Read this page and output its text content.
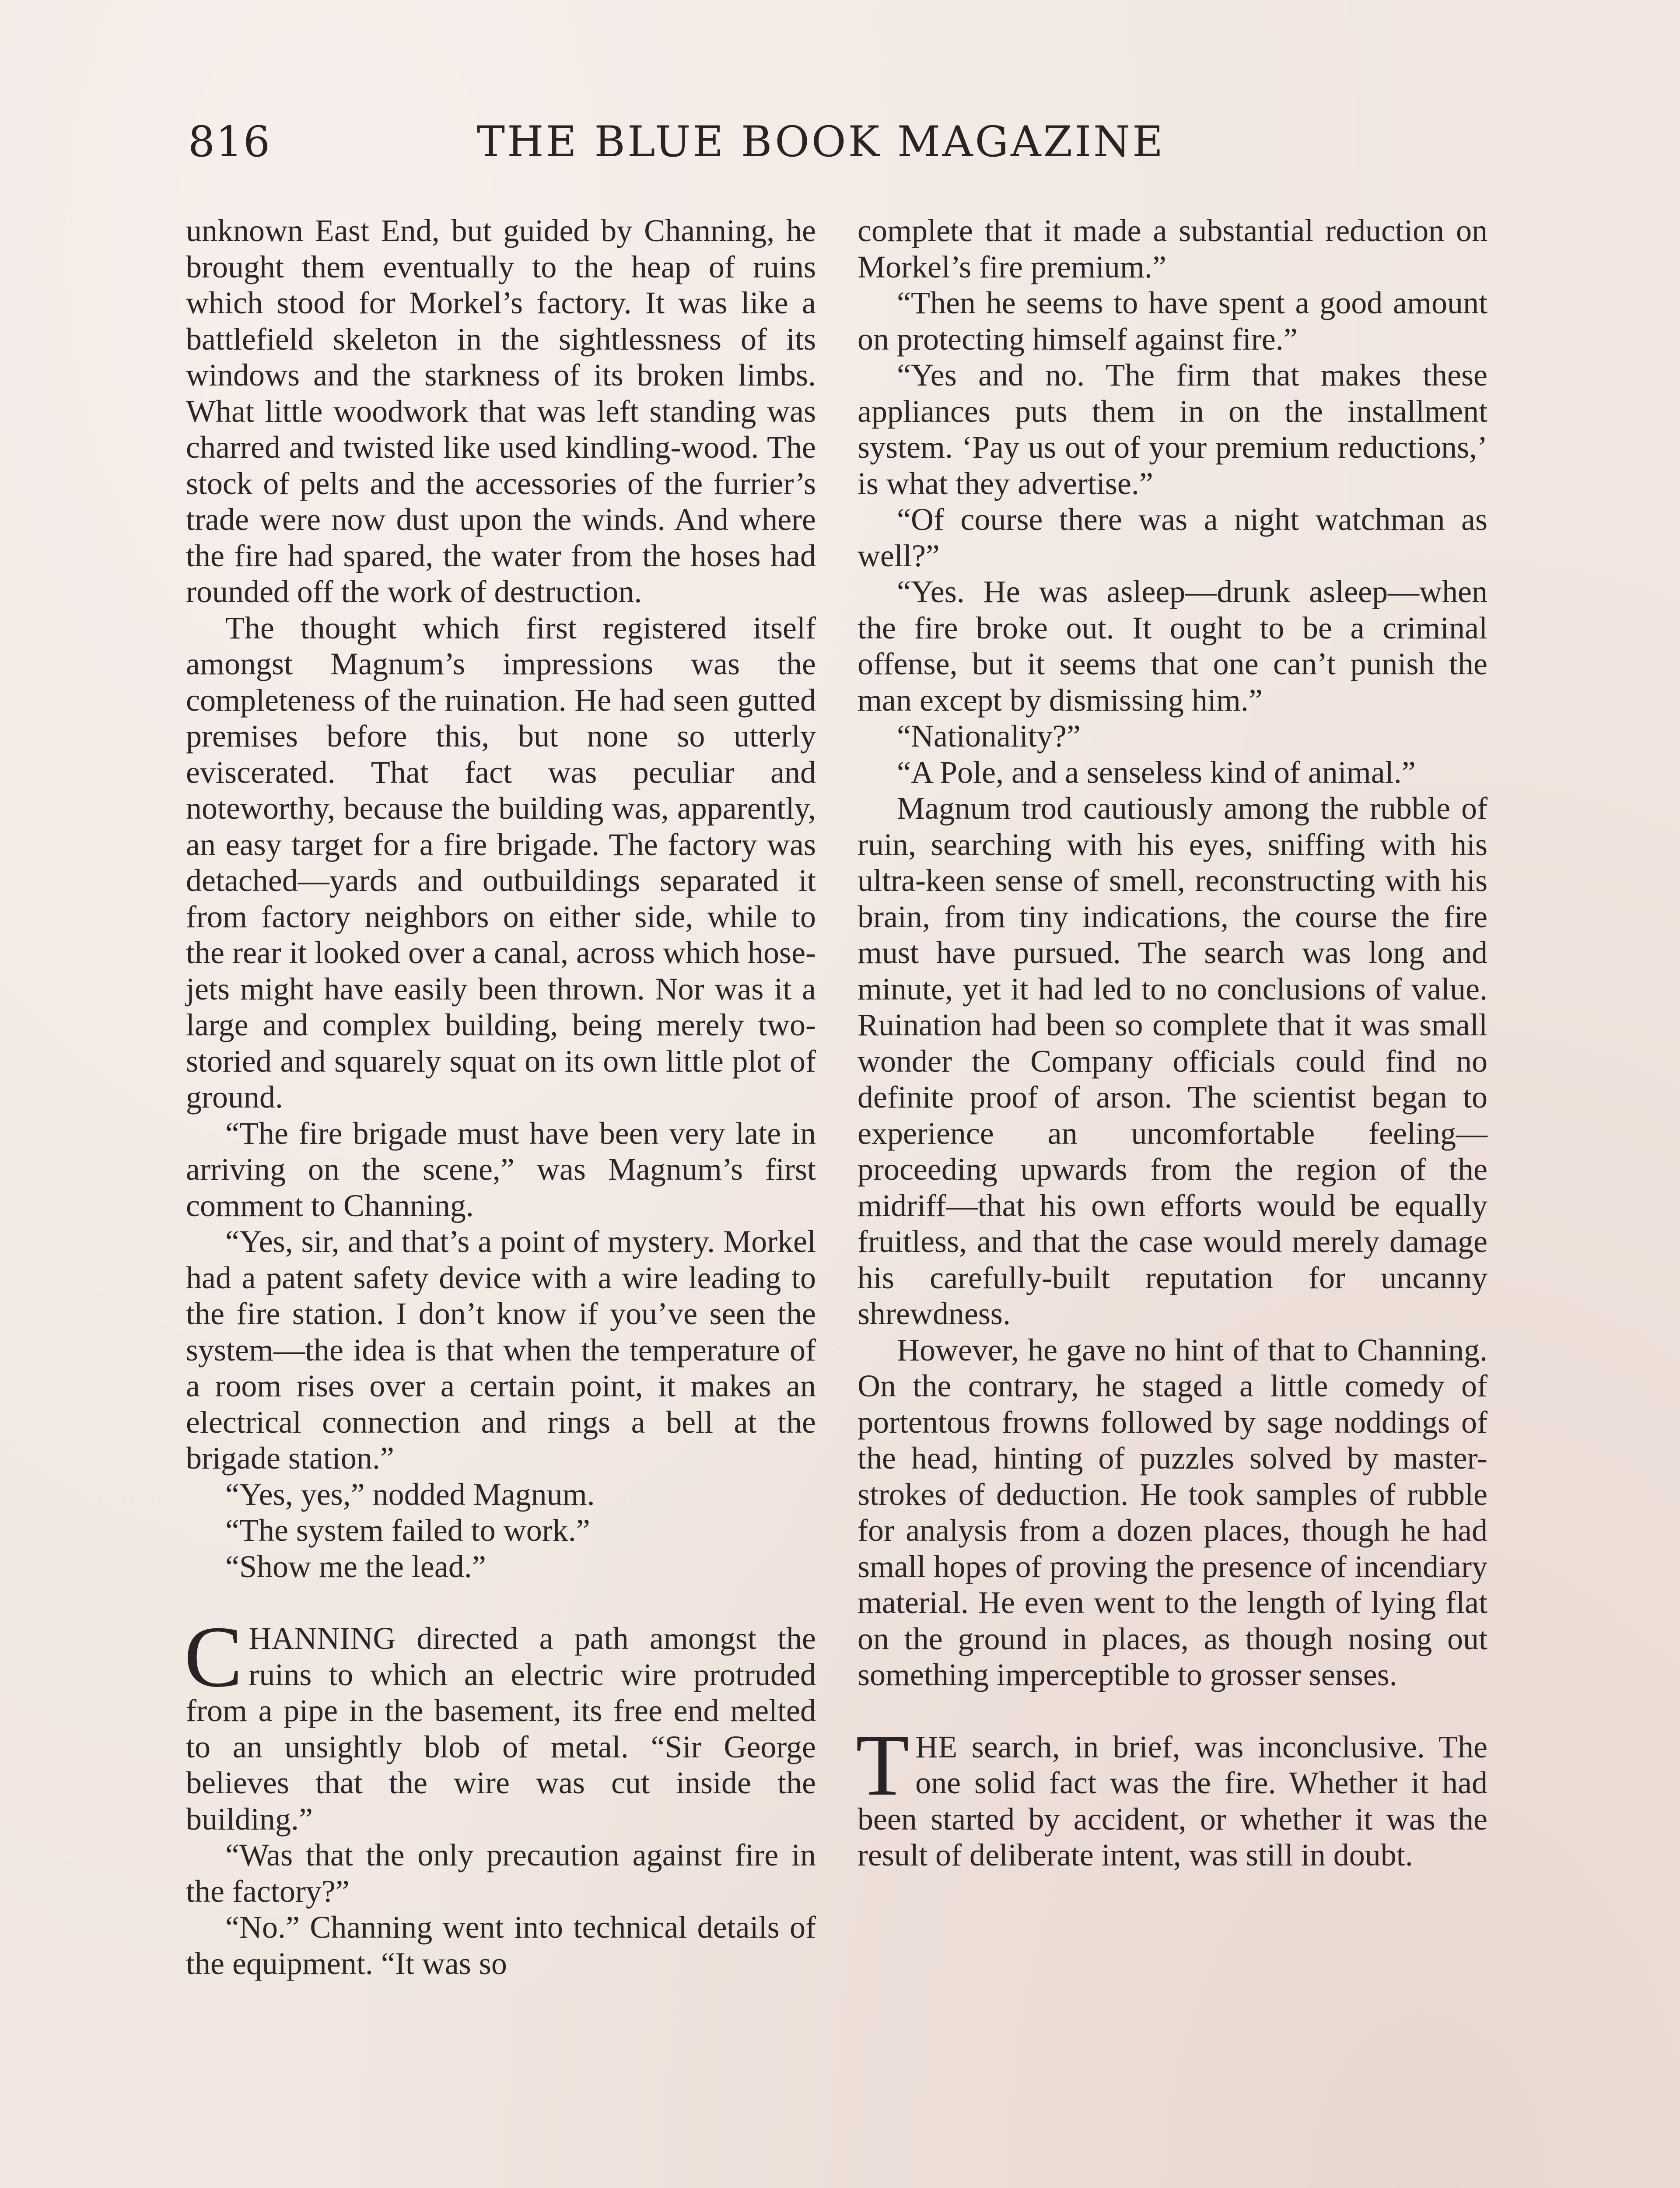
816	THE BLUE BOOK MAGAZINE

unknown East End, but guided by Channing, he brought them eventually to the heap of ruins which stood for Morkel’s factory. It was like a battlefield skeleton in the sightlessness of its windows and the starkness of its broken limbs. What little woodwork that was left standing was charred and twisted like used kindling-wood. The stock of pelts and the accessories of the furrier’s trade were now dust upon the winds. And where the fire had spared, the water from the hoses had rounded off the work of destruction.

The thought which first registered itself amongst Magnum’s impressions was the completeness of the ruination. He had seen gutted premises before this, but none so utterly eviscerated. That fact was peculiar and noteworthy, because the building was, apparently, an easy target for a fire brigade. The factory was detached—yards and outbuildings separated it from factory neighbors on either side, while to the rear it looked over a canal, across which hose-jets might have easily been thrown. Nor was it a large and complex building, being merely two-storied and squarely squat on its own little plot of ground.

“The fire brigade must have been very late in arriving on the scene,” was Magnum’s first comment to Channing.

“Yes, sir, and that’s a point of mystery. Morkel had a patent safety device with a wire leading to the fire station. I don’t know if you’ve seen the system—the idea is that when the temperature of a room rises over a certain point, it makes an electrical connection and rings a bell at the brigade station.”

“Yes, yes,” nodded Magnum.

“The system failed to work.”

“Show me the lead.”

CHANNING directed a path amongst the ruins to which an electric wire protruded from a pipe in the basement, its free end melted to an unsightly blob of metal. “Sir George believes that the wire was cut inside the building.”

“Was that the only precaution against fire in the factory?”

“No.” Channing went into technical details of the equipment. “It was so

complete that it made a substantial reduction on Morkel’s fire premium.”

“Then he seems to have spent a good amount on protecting himself against fire.”

“Yes and no. The firm that makes these appliances puts them in on the installment system. ‘Pay us out of your premium reductions,’ is what they advertise.”

“Of course there was a night watchman as well?”

“Yes. He was asleep—drunk asleep—when the fire broke out. It ought to be a criminal offense, but it seems that one can’t punish the man except by dismissing him.”

“Nationality?”

“A Pole, and a senseless kind of animal.”

Magnum trod cautiously among the rubble of ruin, searching with his eyes, sniffing with his ultra-keen sense of smell, reconstructing with his brain, from tiny indications, the course the fire must have pursued. The search was long and minute, yet it had led to no conclusions of value. Ruination had been so complete that it was small wonder the Company officials could find no definite proof of arson. The scientist began to experience an uncomfortable feeling—proceeding upwards from the region of the midriff—that his own efforts would be equally fruitless, and that the case would merely damage his carefully-built reputation for uncanny shrewdness.

However, he gave no hint of that to Channing. On the contrary, he staged a little comedy of portentous frowns followed by sage noddings of the head, hinting of puzzles solved by master-strokes of deduction. He took samples of rubble for analysis from a dozen places, though he had small hopes of proving the presence of incendiary material. He even went to the length of lying flat on the ground in places, as though nosing out something imperceptible to grosser senses.

THE search, in brief, was inconclusive. The one solid fact was the fire. Whether it had been started by accident, or whether it was the result of deliberate intent, was still in doubt.
